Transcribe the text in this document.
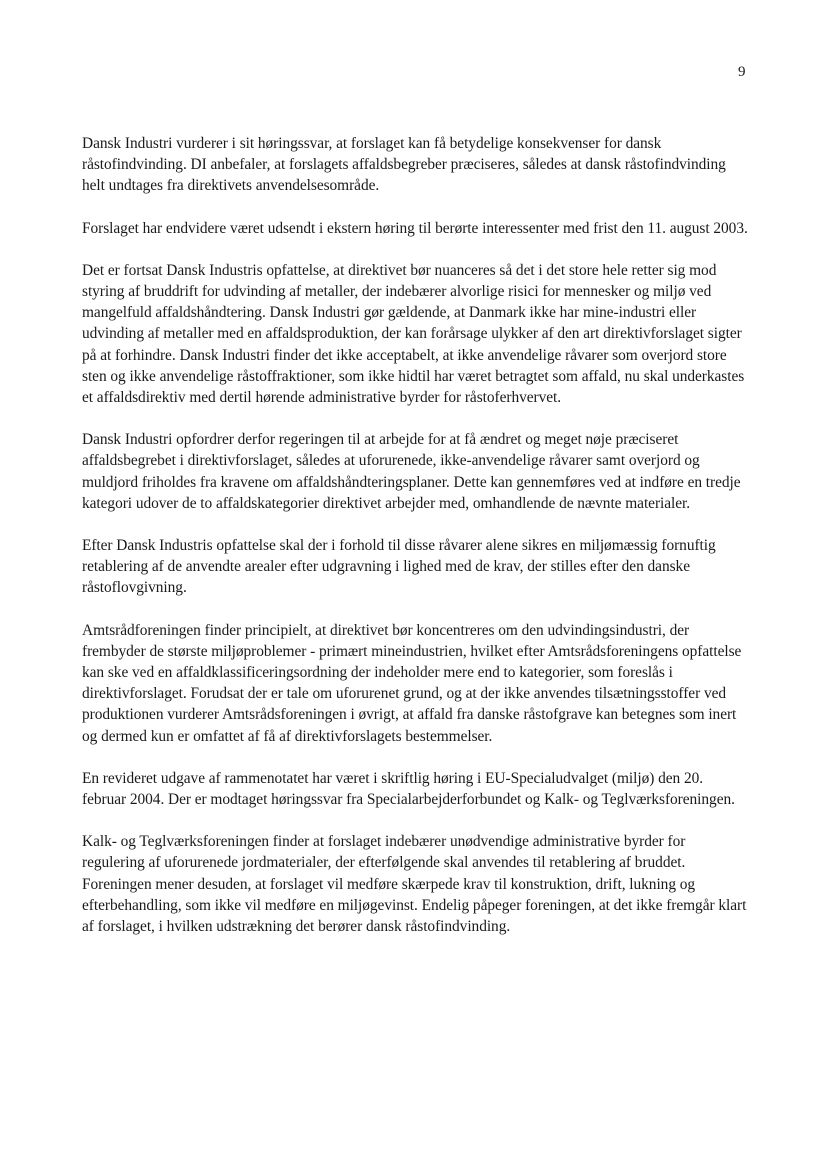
9

Dansk Industri vurderer i sit høringssvar, at forslaget kan få betydelige konsekvenser for dansk råstofindvinding. DI anbefaler, at forslagets affaldsbegreber præciseres, således at dansk råstofindvinding helt undtages fra direktivets anvendelsesområde.

Forslaget har endvidere været udsendt i ekstern høring til berørte interessenter med frist den 11. august 2003.

Det er fortsat Dansk Industris opfattelse, at direktivet bør nuanceres så det i det store hele retter sig mod styring af bruddrift for udvinding af metaller, der indebærer alvorlige risici for mennesker og miljø ved mangelfuld affaldshåndtering. Dansk Industri gør gældende, at Danmark ikke har mine-industri eller udvinding af metaller med en affaldsproduktion, der kan forårsage ulykker af den art direktivforslaget sigter på at forhindre. Dansk Industri finder det ikke acceptabelt, at ikke anvendelige råvarer som overjord store sten og ikke anvendelige råstoffraktioner, som ikke hidtil har været betragtet som affald, nu skal underkastes et affaldsdirektiv med dertil hørende administrative byrder for råstoferhvervet.

Dansk Industri opfordrer derfor regeringen til at arbejde for at få ændret og meget nøje præciseret affaldsbegrebet i direktivforslaget, således at uforurenede, ikke-anvendelige råvarer samt overjord og muldjord friholdes fra kravene om affaldshåndteringsplaner. Dette kan gennemføres ved at indføre en tredje kategori udover de to affaldskategorier direktivet arbejder med, omhandlende de nævnte materialer.

Efter Dansk Industris opfattelse skal der i forhold til disse råvarer alene sikres en miljømæssig fornuftig retablering af de anvendte arealer efter udgravning i lighed med de krav, der stilles efter den danske råstoflovgivning.

Amtsrådforeningen finder principielt, at direktivet bør koncentreres om den udvindingsindustri, der frembyder de største miljøproblemer - primært mineindustrien, hvilket efter Amtsrådsforeningens opfattelse kan ske ved en affaldklassificeringsordning der indeholder mere end to kategorier, som foreslås i direktivforslaget. Forudsat der er tale om uforurenet grund, og at der ikke anvendes tilsætningsstoffer ved produktionen vurderer Amtsrådsforeningen i øvrigt, at affald fra danske råstofgrave kan betegnes som inert og dermed kun er omfattet af få af direktivforslagets bestemmelser.

En revideret udgave af rammenotatet har været i skriftlig høring i EU-Specialudvalget (miljø) den 20. februar 2004. Der er modtaget høringssvar fra Specialarbejderforbundet og Kalk- og Teglværksforeningen.

Kalk- og Teglværksforeningen finder at forslaget indebærer unødvendige administrative byrder for regulering af uforurenede jordmaterialer, der efterfølgende skal anvendes til retablering af bruddet. Foreningen mener desuden, at forslaget vil medføre skærpede krav til konstruktion, drift, lukning og efterbehandling, som ikke vil medføre en miljøgevinst. Endelig påpeger foreningen, at det ikke fremgår klart af forslaget, i hvilken udstrækning det berører dansk råstofindvinding.
